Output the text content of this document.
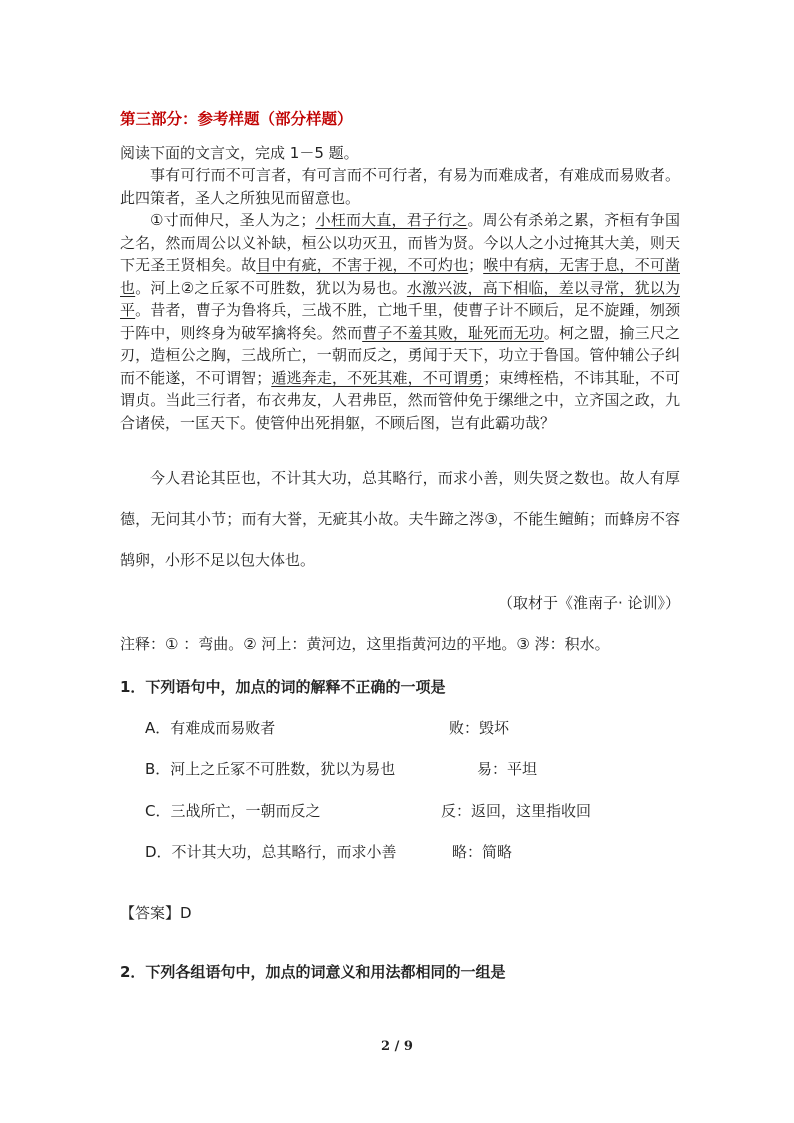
第三部分：参考样题（部分样题）

阅读下面的文言文，完成 1－5 题。

事有可行而不可言者，有可言而不可行者，有易为而难成者，有难成而易败者。此四策者，圣人之所独见而留意也。

①寸而伸尺，圣人为之；小枉而大直，君子行之。周公有杀弟之累，齐桓有争国之名，然而周公以义补缺，桓公以功灭丑，而皆为贤。今以人之小过掩其大美，则天下无圣王贤相矣。故目中有疵，不害于视，不可灼也；喉中有病，无害于息，不可凿也。河上②之丘冢不可胜数，犹以为易也。水激兴波，高下相临，差以寻常，犹以为平。昔者，曹子为鲁将兵，三战不胜，亡地千里，使曹子计不顾后，足不旋踵，刎颈于阵中，则终身为破军擒将矣。然而曹子不羞其败，耻死而无功。柯之盟，揄三尺之刃，造桓公之胸，三战所亡，一朝而反之，勇闻于天下，功立于鲁国。管仲辅公子纠而不能遂，不可谓智；遁逃奔走，不死其难，不可谓勇；束缚桎梏，不讳其耻，不可谓贞。当此三行者，布衣弗友，人君弗臣，然而管仲免于缧绁之中，立齐国之政，九合诸侯，一匡天下。使管仲出死捐躯，不顾后图，岂有此霸功哉？

今人君论其臣也，不计其大功，总其略行，而求小善，则失贤之数也。故人有厚德，无问其小节；而有大誉，无疵其小故。夫牛蹄之涔③，不能生鳣鲔；而蜂房不容鹄卵，小形不足以包大体也。

（取材于《淮南子· 论训》）

注释：① ：弯曲。② 河上：黄河边，这里指黄河边的平地。③ 涔：积水。

1．下列语句中，加点的词的解释不正确的一项是

A．有难成而易败者	败：毁坏

B．河上之丘冢不可胜数，犹以为易也	易：平坦

C．三战所亡，一朝而反之	反：返回，这里指收回

D．不计其大功，总其略行，而求小善	略：简略

【答案】D

2．下列各组语句中，加点的词意义和用法都相同的一组是

2 / 9
